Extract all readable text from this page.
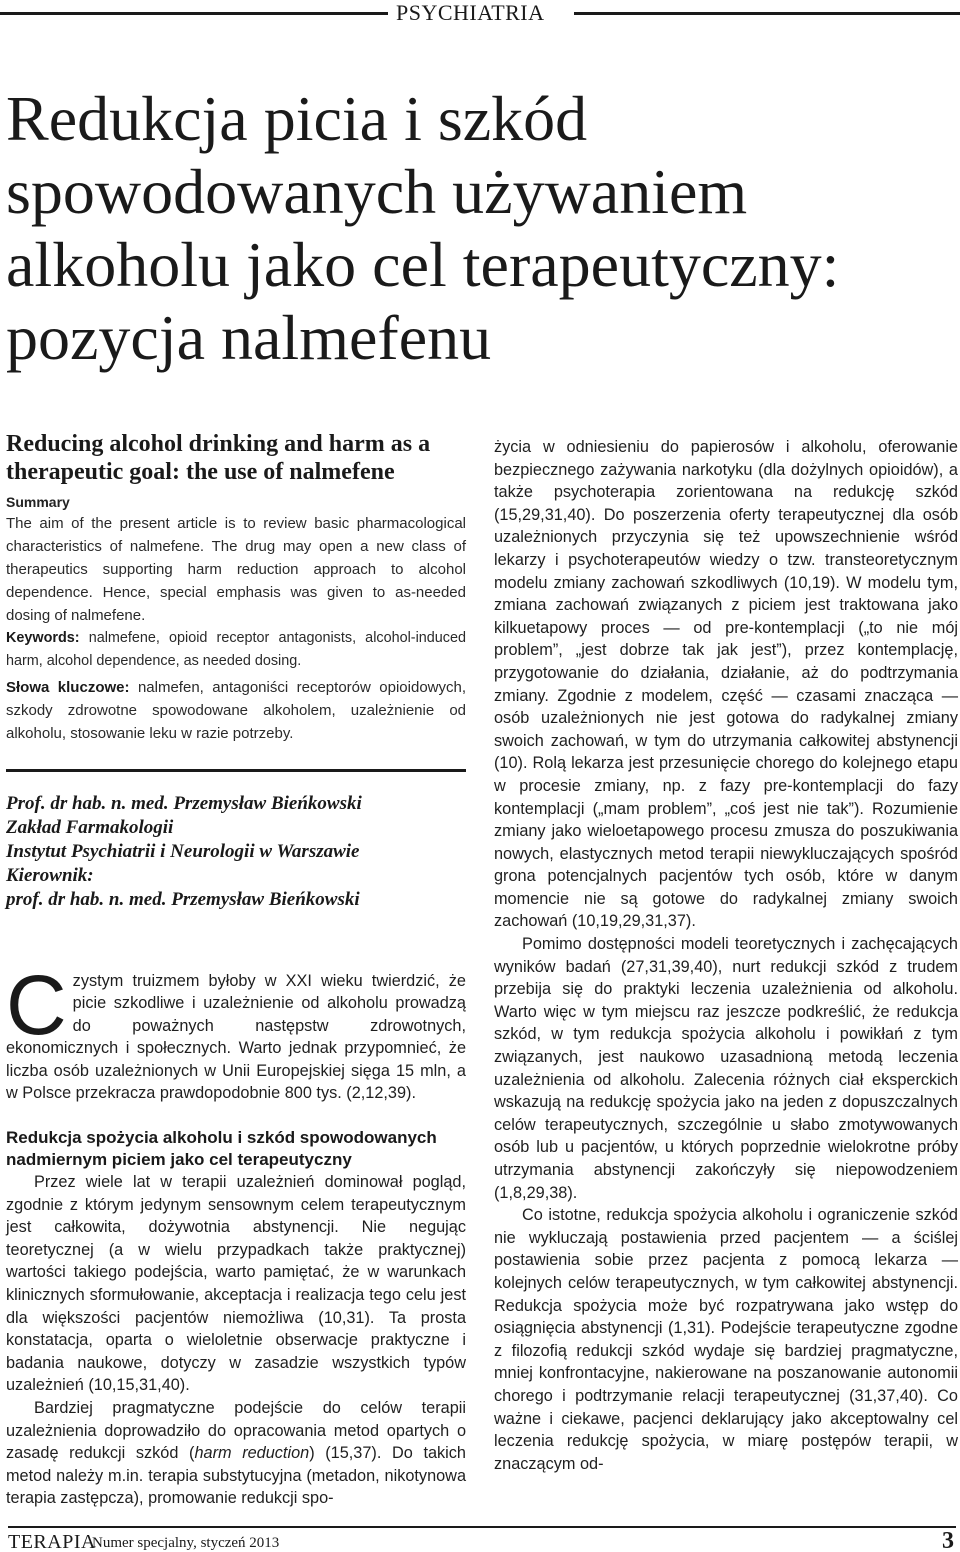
PSYCHIATRIA
Redukcja picia i szkód
spowodowanych używaniem
alkoholu jako cel terapeutyczny:
pozycja nalmefenu
Reducing alcohol drinking and harm as a therapeutic goal: the use of nalmefene
Summary

The aim of the present article is to review basic pharmacological characteristics of nalmefene. The drug may open a new class of therapeutics supporting harm reduction approach to alcohol dependence. Hence, special emphasis was given to as-needed dosing of nalmefene.

Keywords: nalmefene, opioid receptor antagonists, alcohol-induced harm, alcohol dependence, as needed dosing.

Słowa kluczowe: nalmefen, antagoniści receptorów opioidowych, szkody zdrowotne spowodowane alkoholem, uzależnienie od alkoholu, stosowanie leku w razie potrzeby.

Prof. dr hab. n. med. Przemysław Bieńkowski
Zakład Farmakologii
Instytut Psychiatrii i Neurologii w Warszawie
Kierownik:
prof. dr hab. n. med. Przemysław Bieńkowski
Czystym truizmem byłoby w XXI wieku twierdzić, że picie szkodliwe i uzależnienie od alkoholu prowadzą do poważnych następstw zdrowotnych, ekonomicznych i społecznych. Warto jednak przypomnieć, że liczba osób uzależnionych w Unii Europejskiej sięga 15 mln, a w Polsce przekracza prawdopodobnie 800 tys. (2,12,39).
Redukcja spożycia alkoholu i szkód spowodowanych nadmiernym piciem jako cel terapeutyczny

Przez wiele lat w terapii uzależnień dominował pogląd, zgodnie z którym jedynym sensownym celem terapeutycznym jest całkowita, dożywotnia abstynencji. Nie negując teoretycznej (a w wielu przypadkach także praktycznej) wartości takiego podejścia, warto pamiętać, że w warunkach klinicznych sformułowanie, akceptacja i realizacja tego celu jest dla większości pacjentów niemożliwa (10,31). Ta prosta konstatacja, oparta o wieloletnie obserwacje praktyczne i badania naukowe, dotyczy w zasadzie wszystkich typów uzależnień (10,15,31,40).

Bardziej pragmatyczne podejście do celów terapii uzależnienia doprowadziło do opracowania metod opartych o zasadę redukcji szkód (harm reduction) (15,37). Do takich metod należy m.in. terapia substytucyjna (metadon, nikotynowa terapia zastępcza), promowanie redukcji spo-

życia w odniesieniu do papierosów i alkoholu, oferowanie bezpiecznego zażywania narkotyku (dla dożylnych opioidów), a także psychoterapia zorientowana na redukcję szkód (15,29,31,40). Do poszerzenia oferty terapeutycznej dla osób uzależnionych przyczynia się też upowszechnienie wśród lekarzy i psychoterapeutów wiedzy o tzw. transteoretycznym modelu zmiany zachowań szkodliwych (10,19). W modelu tym, zmiana zachowań związanych z piciem jest traktowana jako kilkuetapowy proces — od pre-kontemplacji („to nie mój problem”, „jest dobrze tak jak jest”), przez kontemplację, przygotowanie do działania, działanie, aż do podtrzymania zmiany. Zgodnie z modelem, część — czasami znacząca — osób uzależnionych nie jest gotowa do radykalnej zmiany swoich zachowań, w tym do utrzymania całkowitej abstynencji (10). Rolą lekarza jest przesunięcie chorego do kolejnego etapu w procesie zmiany, np. z fazy pre-kontemplacji do fazy kontemplacji („mam problem”, „coś jest nie tak”). Rozumienie zmiany jako wieloetapowego procesu zmusza do poszukiwania nowych, elastycznych metod terapii niewykluczających spośród grona potencjalnych pacjentów tych osób, które w danym momencie nie są gotowe do radykalnej zmiany swoich zachowań (10,19,29,31,37).

Pomimo dostępności modeli teoretycznych i zachęcających wyników badań (27,31,39,40), nurt redukcji szkód z trudem przebija się do praktyki leczenia uzależnienia od alkoholu. Warto więc w tym miejscu raz jeszcze podkreślić, że redukcja szkód, w tym redukcja spożycia alkoholu i powikłań z tym związanych, jest naukowo uzasadnioną metodą leczenia uzależnienia od alkoholu. Zalecenia różnych ciał eksperckich wskazują na redukcję spożycia jako na jeden z dopuszczalnych celów terapeutycznych, szczególnie u słabo zmotywowanych osób lub u pacjentów, u których poprzednie wielokrotne próby utrzymania abstynencji zakończyły się niepowodzeniem (1,8,29,38).

Co istotne, redukcja spożycia alkoholu i ograniczenie szkód nie wykluczają postawienia przed pacjentem — a ściślej postawienia sobie przez pacjenta z pomocą lekarza — kolejnych celów terapeutycznych, w tym całkowitej abstynencji. Redukcja spożycia może być rozpatrywana jako wstęp do osiągnięcia abstynencji (1,31). Podejście terapeutyczne zgodne z filozofią redukcji szkód wydaje się bardziej pragmatyczne, mniej konfrontacyjne, nakierowane na poszanowanie autonomii chorego i podtrzymanie relacji terapeutycznej (31,37,40). Co ważne i ciekawe, pacjenci deklarujący jako akceptowalny cel leczenia redukcję spożycia, w miarę postępów terapii, w znaczącym od-

TERAPIA
Numer specjalny, styczeń 2013	3
